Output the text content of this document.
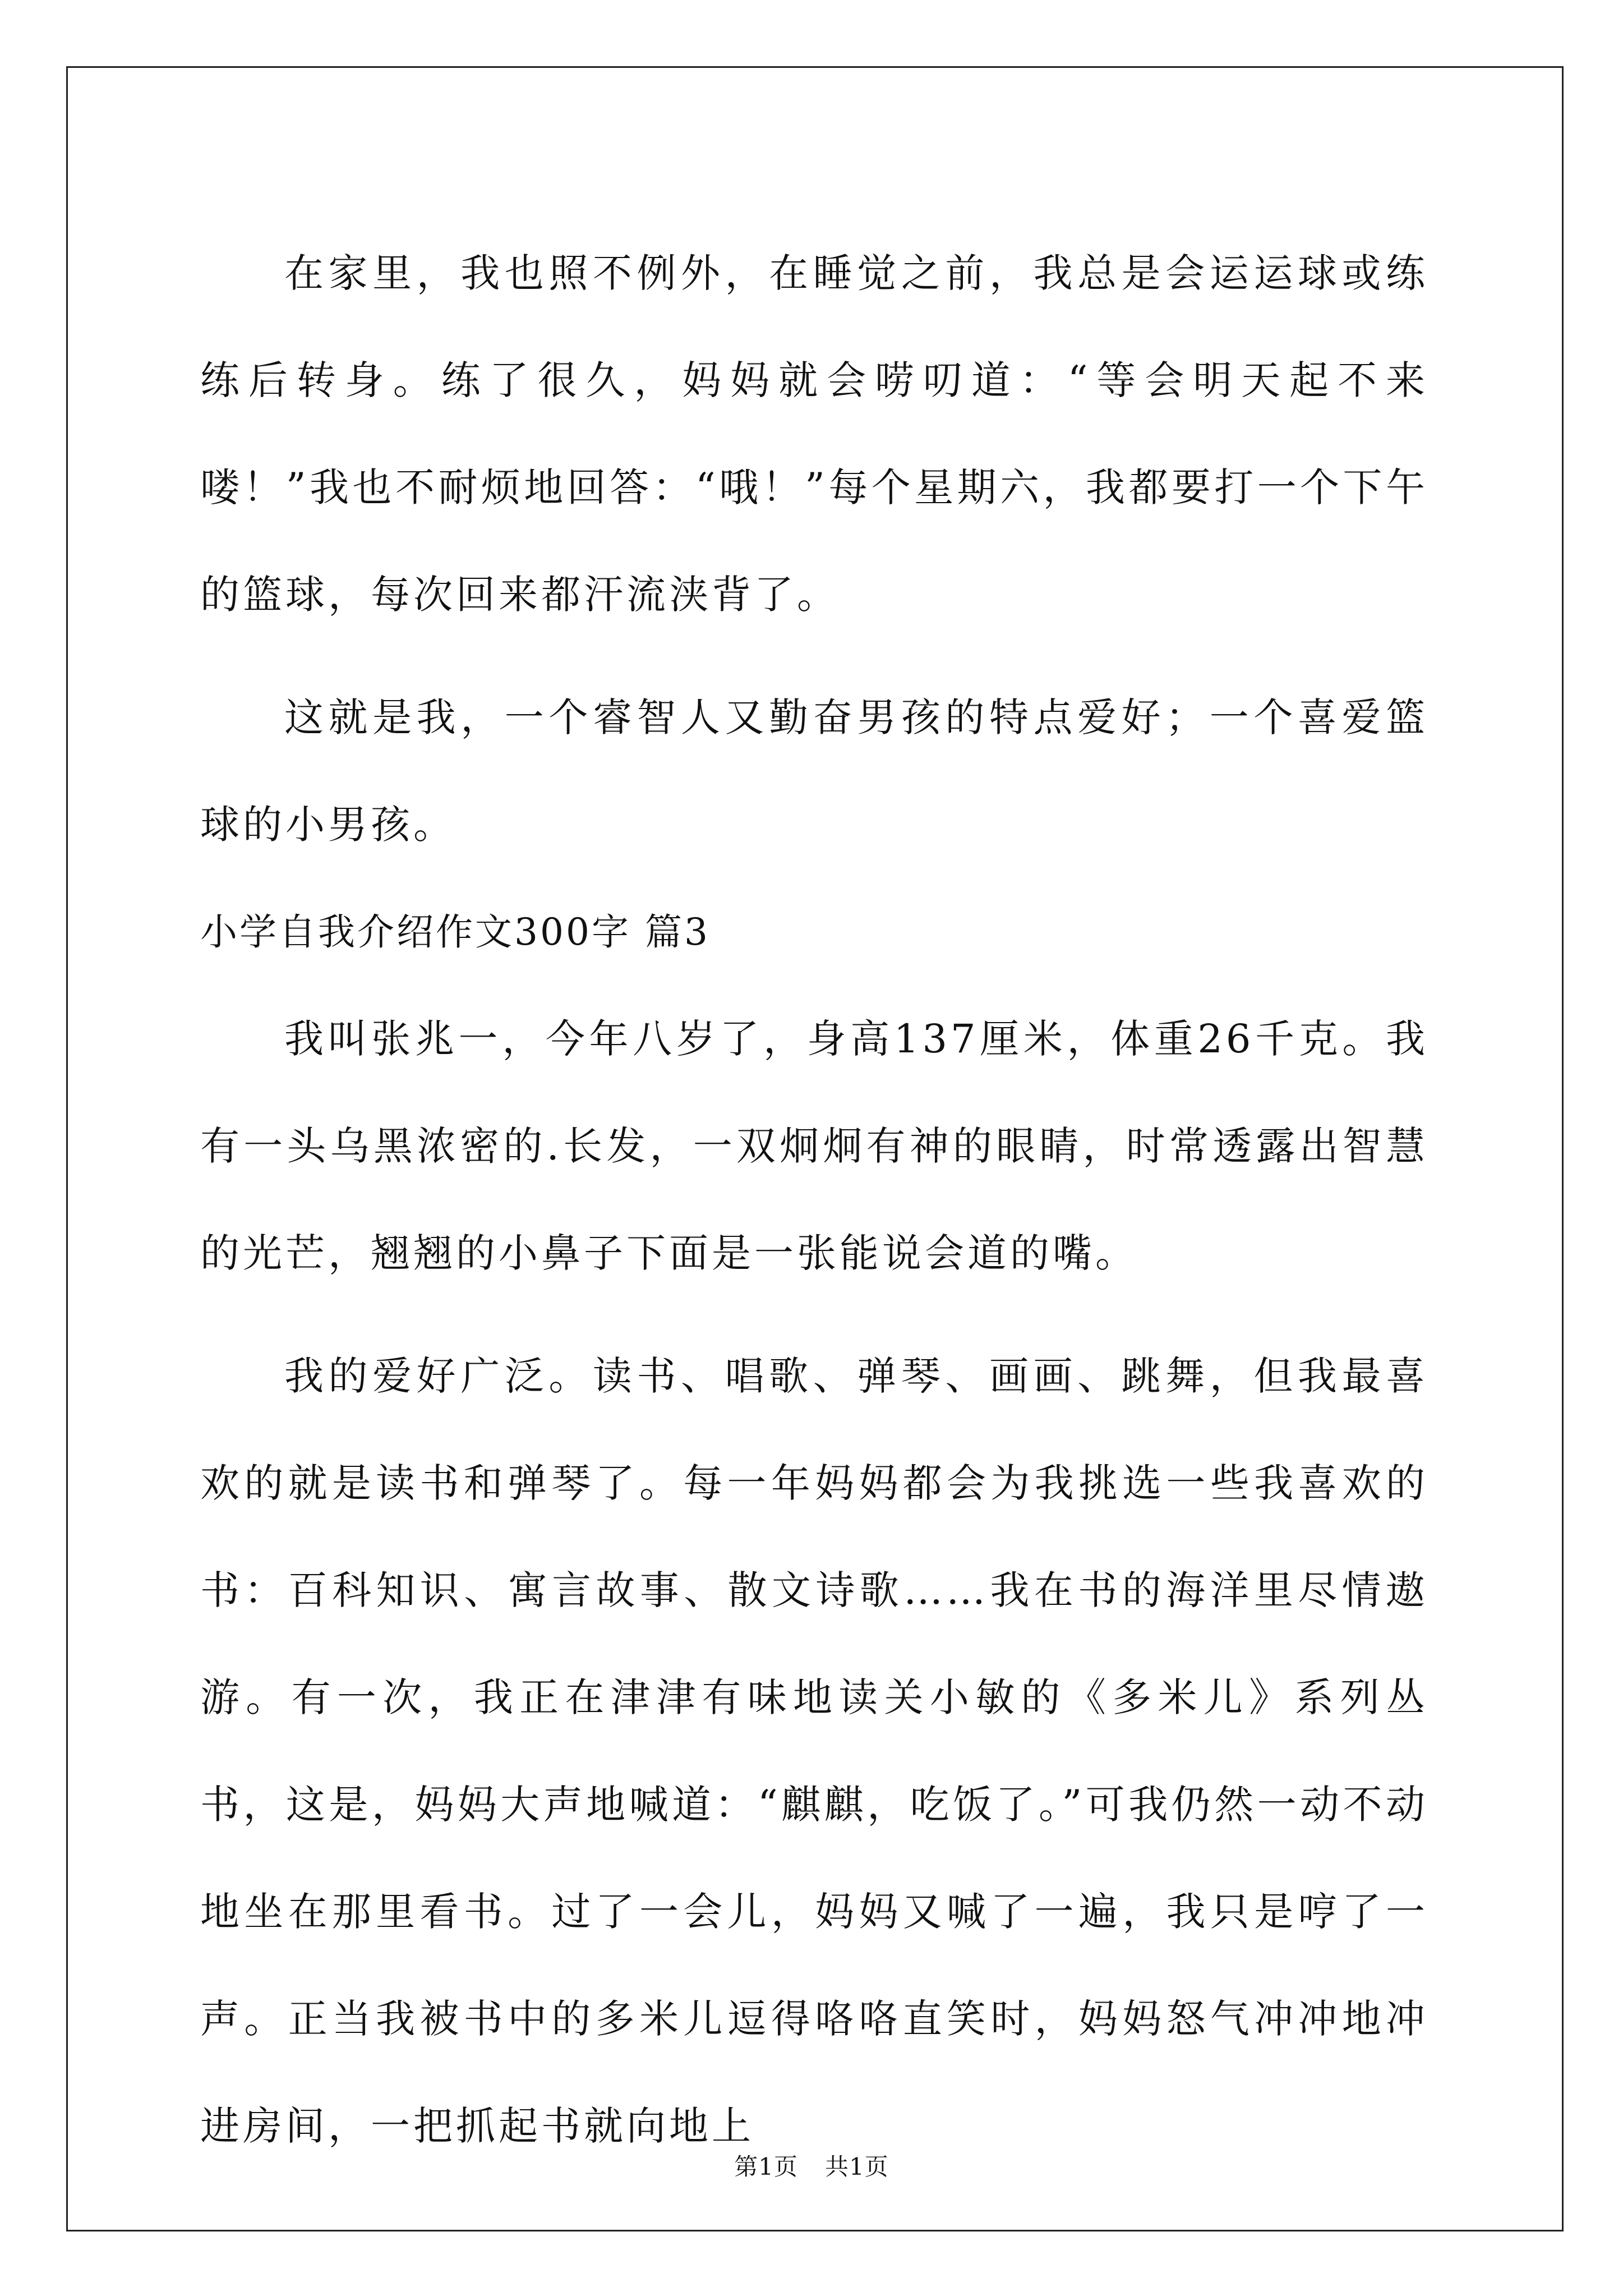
在家里，我也照不例外，在睡觉之前，我总是会运运球或练练后转身。练了很久，妈妈就会唠叨道：“等会明天起不来喽！”我也不耐烦地回答：“哦！”每个星期六，我都要打一个下午的篮球，每次回来都汗流浃背了。

这就是我，一个睿智人又勤奋男孩的特点爱好；一个喜爱篮球的小男孩。

小学自我介绍作文300字 篇3

我叫张兆一，今年八岁了，身高137厘米，体重26千克。我有一头乌黑浓密的.长发，一双炯炯有神的眼睛，时常透露出智慧的光芒，翘翘的小鼻子下面是一张能说会道的嘴。

我的爱好广泛。读书、唱歌、弹琴、画画、跳舞，但我最喜欢的就是读书和弹琴了。每一年妈妈都会为我挑选一些我喜欢的书：百科知识、寓言故事、散文诗歌……我在书的海洋里尽情遨游。有一次，我正在津津有味地读关小敏的《多米儿》系列丛书，这是，妈妈大声地喊道：“麒麒，吃饭了。”可我仍然一动不动地坐在那里看书。过了一会儿，妈妈又喊了一遍，我只是哼了一声。正当我被书中的多米儿逗得咯咯直笑时，妈妈怒气冲冲地冲进房间，一把抓起书就向地上

第1页 共1页
